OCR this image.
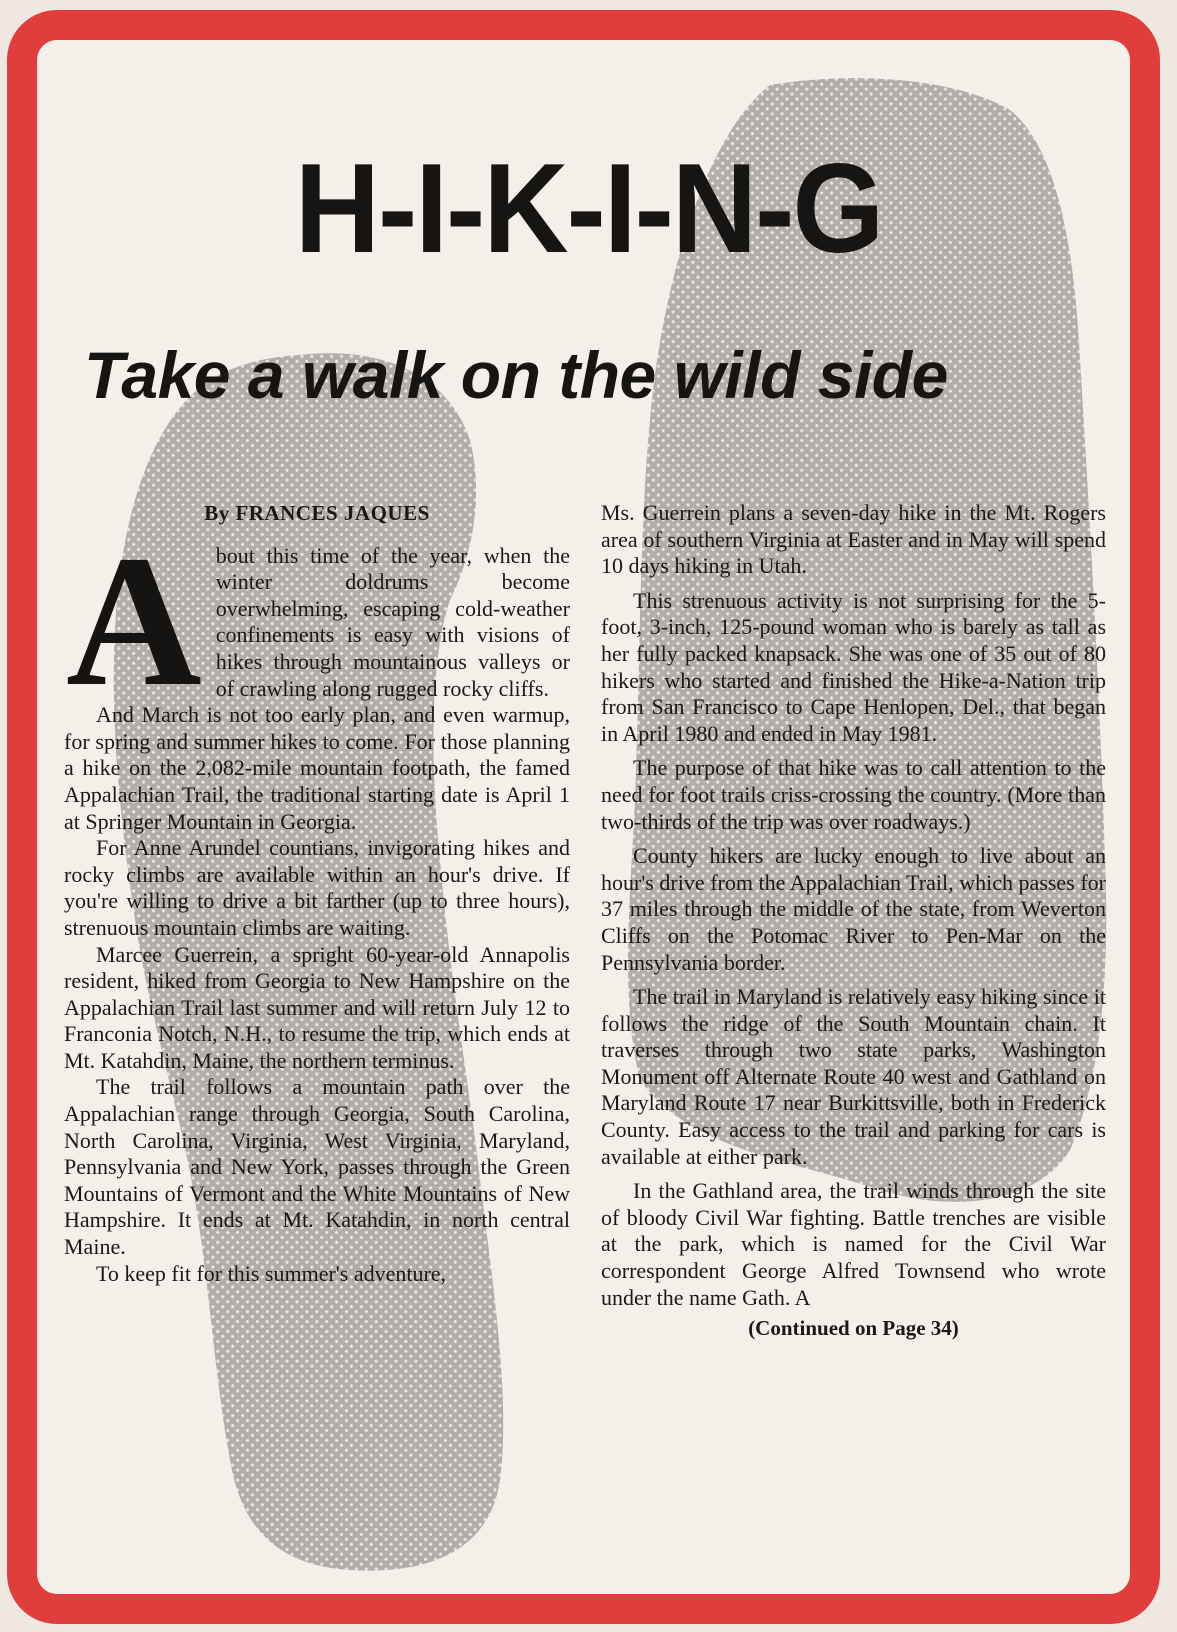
H-I-K-I-N-G
Take a walk on the wild side
By FRANCES JAQUES

About this time of the year, when the winter doldrums become overwhelming, escaping cold-weather confinements is easy with visions of hikes through mountainous valleys or of crawling along rugged rocky cliffs.

And March is not too early plan, and even warmup, for spring and summer hikes to come. For those planning a hike on the 2,082-mile mountain footpath, the famed Appalachian Trail, the traditional starting date is April 1 at Springer Mountain in Georgia.

For Anne Arundel countians, invigorating hikes and rocky climbs are available within an hour's drive. If you're willing to drive a bit farther (up to three hours), strenuous mountain climbs are waiting.

Marcee Guerrein, a spright 60-year-old Annapolis resident, hiked from Georgia to New Hampshire on the Appalachian Trail last summer and will return July 12 to Franconia Notch, N.H., to resume the trip, which ends at Mt. Katahdin, Maine, the northern terminus.

The trail follows a mountain path over the Appalachian range through Georgia, South Carolina, North Carolina, Virginia, West Virginia, Maryland, Pennsylvania and New York, passes through the Green Mountains of Vermont and the White Mountains of New Hampshire. It ends at Mt. Katahdin, in north central Maine.

To keep fit for this summer's adventure,

Ms. Guerrein plans a seven-day hike in the Mt. Rogers area of southern Virginia at Easter and in May will spend 10 days hiking in Utah.

This strenuous activity is not surprising for the 5-foot, 3-inch, 125-pound woman who is barely as tall as her fully packed knapsack. She was one of 35 out of 80 hikers who started and finished the Hike-a-Nation trip from San Francisco to Cape Henlopen, Del., that began in April 1980 and ended in May 1981.

The purpose of that hike was to call attention to the need for foot trails criss-crossing the country. (More than two-thirds of the trip was over roadways.)

County hikers are lucky enough to live about an hour's drive from the Appalachian Trail, which passes for 37 miles through the middle of the state, from Weverton Cliffs on the Potomac River to Pen-Mar on the Pennsylvania border.

The trail in Maryland is relatively easy hiking since it follows the ridge of the South Mountain chain. It traverses through two state parks, Washington Monument off Alternate Route 40 west and Gathland on Maryland Route 17 near Burkittsville, both in Frederick County. Easy access to the trail and parking for cars is available at either park.

In the Gathland area, the trail winds through the site of bloody Civil War fighting. Battle trenches are visible at the park, which is named for the Civil War correspondent George Alfred Townsend who wrote under the name Gath. A

(Continued on Page 34)
